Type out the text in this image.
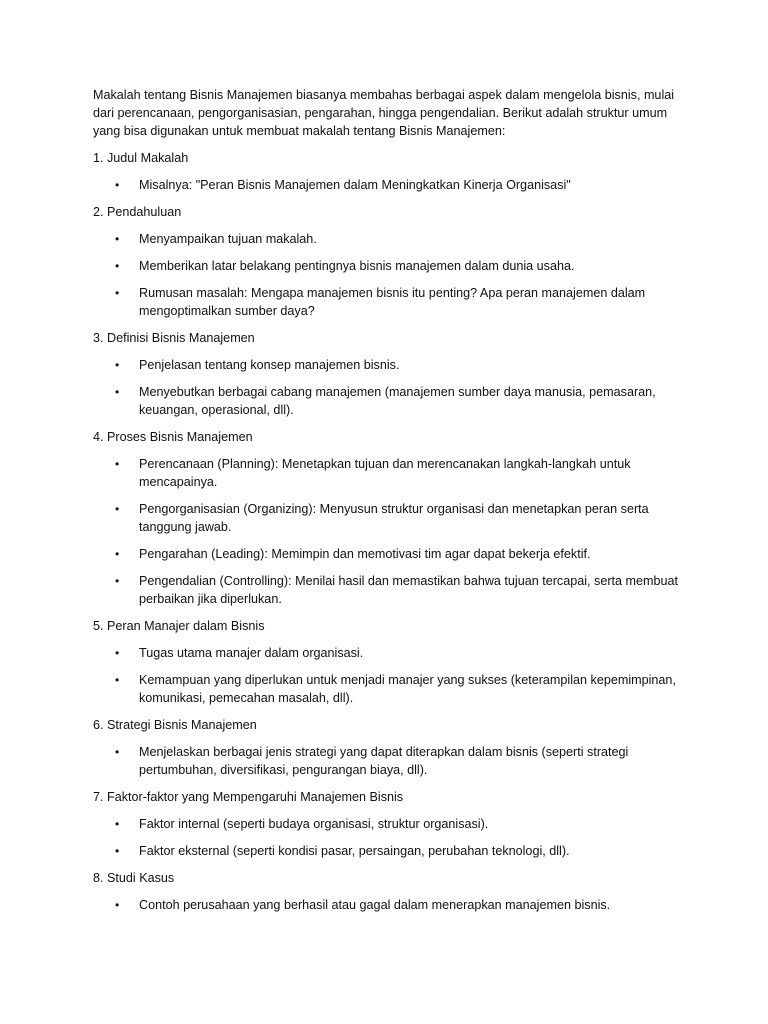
Makalah tentang Bisnis Manajemen biasanya membahas berbagai aspek dalam mengelola bisnis, mulai dari perencanaan, pengorganisasian, pengarahan, hingga pengendalian. Berikut adalah struktur umum yang bisa digunakan untuk membuat makalah tentang Bisnis Manajemen:

1. Judul Makalah

•
Misalnya: "Peran Bisnis Manajemen dalam Meningkatkan Kinerja Organisasi"

2. Pendahuluan

•
Menyampaikan tujuan makalah.
•
Memberikan latar belakang pentingnya bisnis manajemen dalam dunia usaha.
•
Rumusan masalah: Mengapa manajemen bisnis itu penting? Apa peran manajemen dalam mengoptimalkan sumber daya?

3. Definisi Bisnis Manajemen

•
Penjelasan tentang konsep manajemen bisnis.
•
Menyebutkan berbagai cabang manajemen (manajemen sumber daya manusia, pemasaran, keuangan, operasional, dll).

4. Proses Bisnis Manajemen

•
Perencanaan (Planning): Menetapkan tujuan dan merencanakan langkah-langkah untuk mencapainya.
•
Pengorganisasian (Organizing): Menyusun struktur organisasi dan menetapkan peran serta tanggung jawab.
•
Pengarahan (Leading): Memimpin dan memotivasi tim agar dapat bekerja efektif.
•
Pengendalian (Controlling): Menilai hasil dan memastikan bahwa tujuan tercapai, serta membuat perbaikan jika diperlukan.

5. Peran Manajer dalam Bisnis

•
Tugas utama manajer dalam organisasi.
•
Kemampuan yang diperlukan untuk menjadi manajer yang sukses (keterampilan kepemimpinan, komunikasi, pemecahan masalah, dll).

6. Strategi Bisnis Manajemen

•
Menjelaskan berbagai jenis strategi yang dapat diterapkan dalam bisnis (seperti strategi pertumbuhan, diversifikasi, pengurangan biaya, dll).

7. Faktor-faktor yang Mempengaruhi Manajemen Bisnis

•
Faktor internal (seperti budaya organisasi, struktur organisasi).
•
Faktor eksternal (seperti kondisi pasar, persaingan, perubahan teknologi, dll).

8. Studi Kasus

•
Contoh perusahaan yang berhasil atau gagal dalam menerapkan manajemen bisnis.
